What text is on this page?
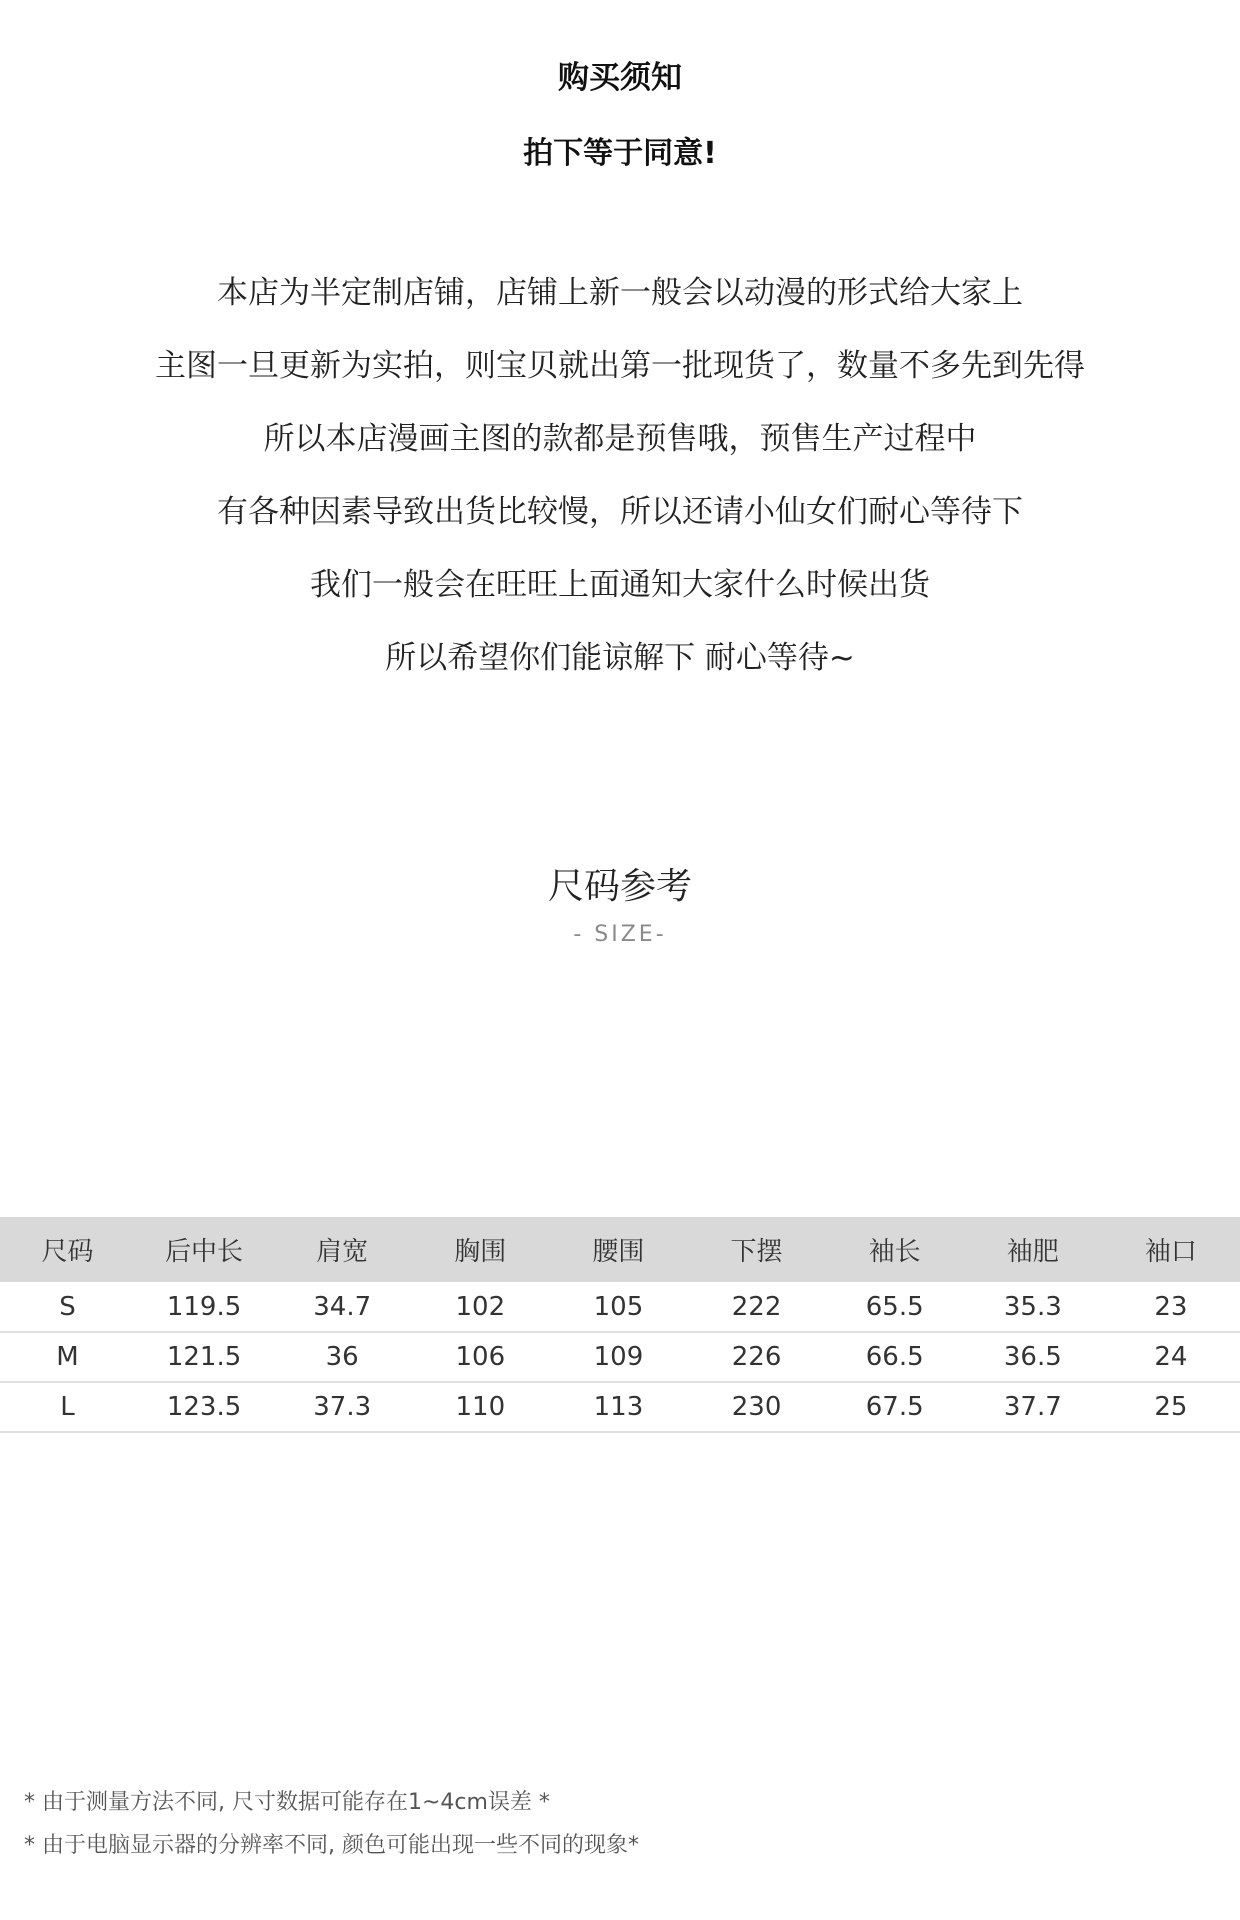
购买须知
拍下等于同意!
本店为半定制店铺，店铺上新一般会以动漫的形式给大家上
主图一旦更新为实拍，则宝贝就出第一批现货了，数量不多先到先得
所以本店漫画主图的款都是预售哦，预售生产过程中
有各种因素导致出货比较慢，所以还请小仙女们耐心等待下
我们一般会在旺旺上面通知大家什么时候出货
所以希望你们能谅解下 耐心等待~
尺码参考
- SIZE-
尺码	后中长	肩宽	胸围	腰围	下摆	袖长	袖肥	袖口
S	119.5	34.7	102	105	222	65.5	35.3	23
M	121.5	36	106	109	226	66.5	36.5	24
L	123.5	37.3	110	113	230	67.5	37.7	25
* 由于测量方法不同, 尺寸数据可能存在1~4cm误差 *
* 由于电脑显示器的分辨率不同, 颜色可能出现一些不同的现象*
